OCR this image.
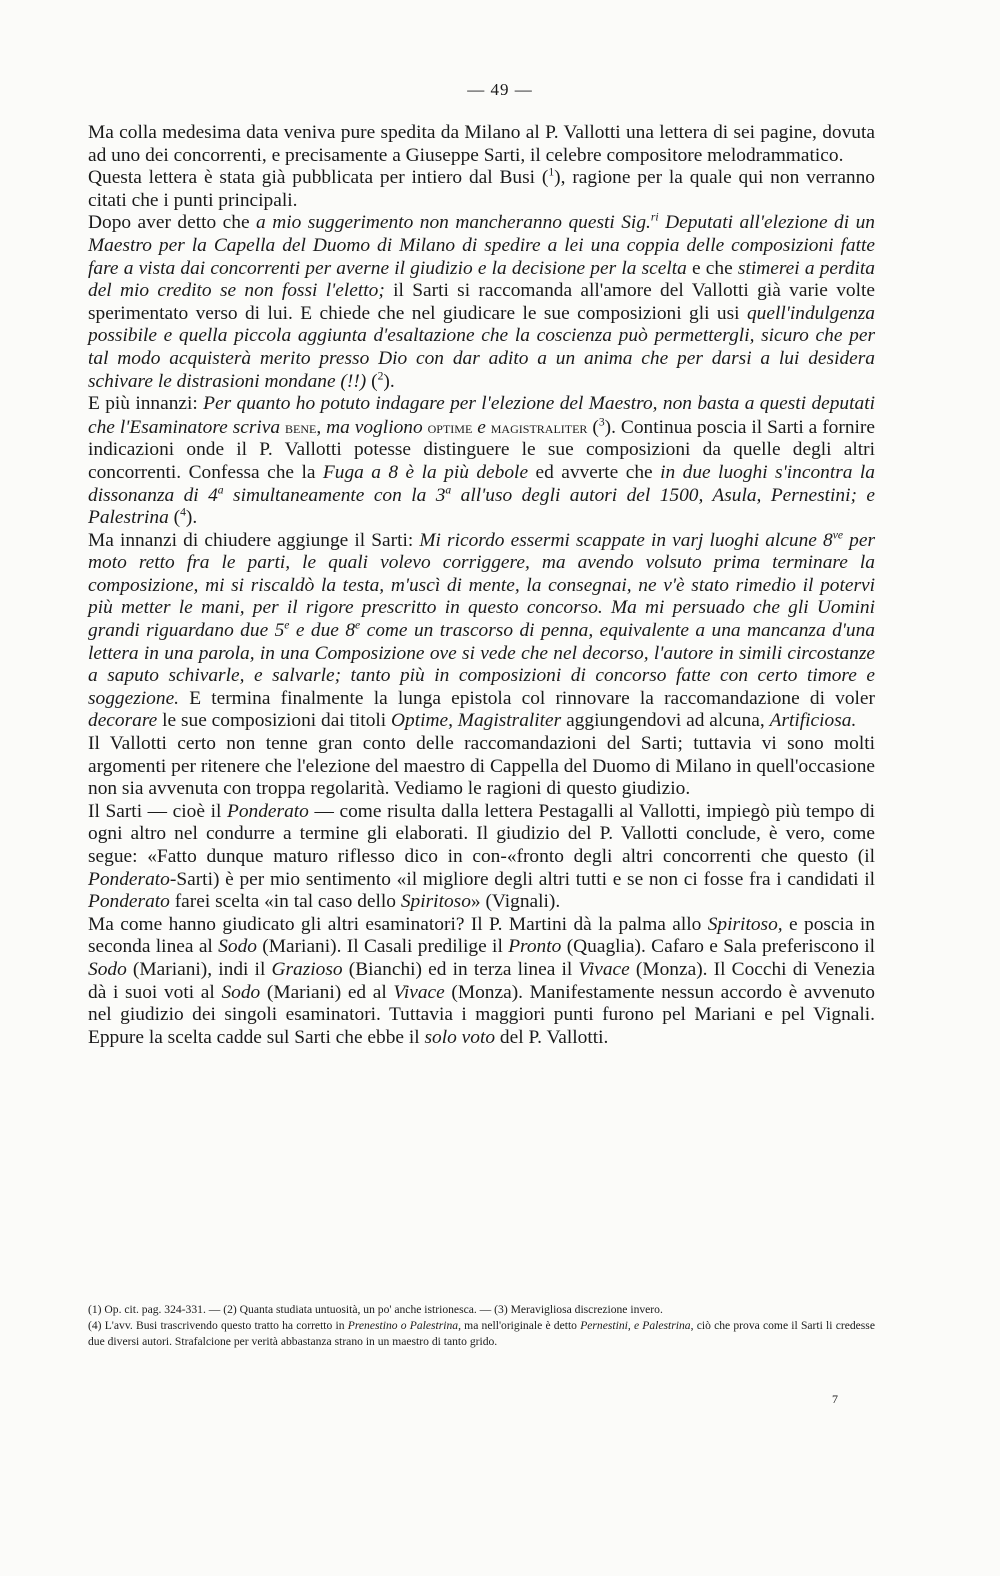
— 49 —

Ma colla medesima data veniva pure spedita da Milano al P. Vallotti una lettera di sei pagine, dovuta ad uno dei concorrenti, e precisamente a Giuseppe Sarti, il celebre compositore melodrammatico.

Questa lettera è stata già pubblicata per intiero dal Busi ($^1$), ragione per la quale qui non verranno citati che i punti principali.

Dopo aver detto che a mio suggerimento non mancheranno questi Sig.$^{ri}$ Deputati all'elezione di un Maestro per la Capella del Duomo di Milano di spedire a lei una coppia delle composizioni fatte fare a vista dai concorrenti per averne il giudizio e la decisione per la scelta e che stimerei a perdita del mio credito se non fossi l'eletto; il Sarti si raccomanda all'amore del Vallotti già varie volte sperimentato verso di lui. E chiede che nel giudicare le sue composizioni gli usi quell'indulgenza possibile e quella piccola aggiunta d'esaltazione che la coscienza può permettergli, sicuro che per tal modo acquisterà merito presso Dio con dar adito a un anima che per darsi a lui desidera schivare le distrasioni mondane (!!) ($^2$).

E più innanzi: Per quanto ho potuto indagare per l'elezione del Maestro, non basta a questi deputati che l'Esaminatore scriva bene, ma vogliono optime e magistraliter ($^3$). Continua poscia il Sarti a fornire indicazioni onde il P. Vallotti potesse distinguere le sue composizioni da quelle degli altri concorrenti. Confessa che la Fuga a 8 è la più debole ed avverte che in due luoghi s'incontra la dissonanza di 4$^a$ simultaneamente con la 3$^a$ all'uso degli autori del 1500, Asula, Pernestini; e Palestrina ($^4$).

Ma innanzi di chiudere aggiunge il Sarti: Mi ricordo essermi scappate in varj luoghi alcune $8^{ve}$ per moto retto fra le parti, le quali volevo corriggere, ma avendo volsuto prima terminare la composizione, mi si riscaldò la testa, m'uscì di mente, la consegnai, ne v'è stato rimedio il potervi più metter le mani, per il rigore prescritto in questo concorso. Ma mi persuado che gli Uomini grandi riguardano due 5e e due 8e come un trascorso di penna, equivalente a una mancanza d'una lettera in una parola, in una Composizione ove si vede che nel decorso, l'autore in simili circostanze a saputo schivarle, e salvarle; tanto più in composizioni di concorso fatte con certo timore e soggezione. E termina finalmente la lunga epistola col rinnovare la raccomandazione di voler decorare le sue composizioni dai titoli Optime, Magistraliter aggiungendovi ad alcuna, Artificiosa.

Il Vallotti certo non tenne gran conto delle raccomandazioni del Sarti; tuttavia vi sono molti argomenti per ritenere che l'elezione del maestro di Cappella del Duomo di Milano in quell'occasione non sia avvenuta con troppa regolarità. Vediamo le ragioni di questo giudizio.

Il Sarti — cioè il Ponderato — come risulta dalla lettera Pestagalli al Vallotti, impiegò più tempo di ogni altro nel condurre a termine gli elaborati. Il giudizio del P. Vallotti conclude, è vero, come segue: «Fatto dunque maturo riflesso dico in con-«fronto degli altri concorrenti che questo (il Ponderato-Sarti) è per mio sentimento «il migliore degli altri tutti e se non ci fosse fra i candidati il Ponderato farei scelta «in tal caso dello Spiritoso» (Vignali).

Ma come hanno giudicato gli altri esaminatori? Il P. Martini dà la palma allo Spiritoso, e poscia in seconda linea al Sodo (Mariani). Il Casali predilige il Pronto (Quaglia). Cafaro e Sala preferiscono il Sodo (Mariani), indi il Grazioso (Bianchi) ed in terza linea il Vivace (Monza). Il Cocchi di Venezia dà i suoi voti al Sodo (Mariani) ed al Vivace (Monza). Manifestamente nessun accordo è avvenuto nel giudizio dei singoli esaminatori. Tuttavia i maggiori punti furono pel Mariani e pel Vignali. Eppure la scelta cadde sul Sarti che ebbe il solo voto del P. Vallotti.

(1) Op. cit. pag. 324-331. — (2) Quanta studiata untuosità, un po' anche istrionesca. — (3) Meravigliosa discrezione invero.

(4) L'avv. Busi trascrivendo questo tratto ha corretto in Prenestino o Palestrina, ma nell'originale è detto Pernestini, e Palestrina, ciò che prova come il Sarti li credesse due diversi autori. Strafalcione per verità abbastanza strano in un maestro di tanto grido.

7
